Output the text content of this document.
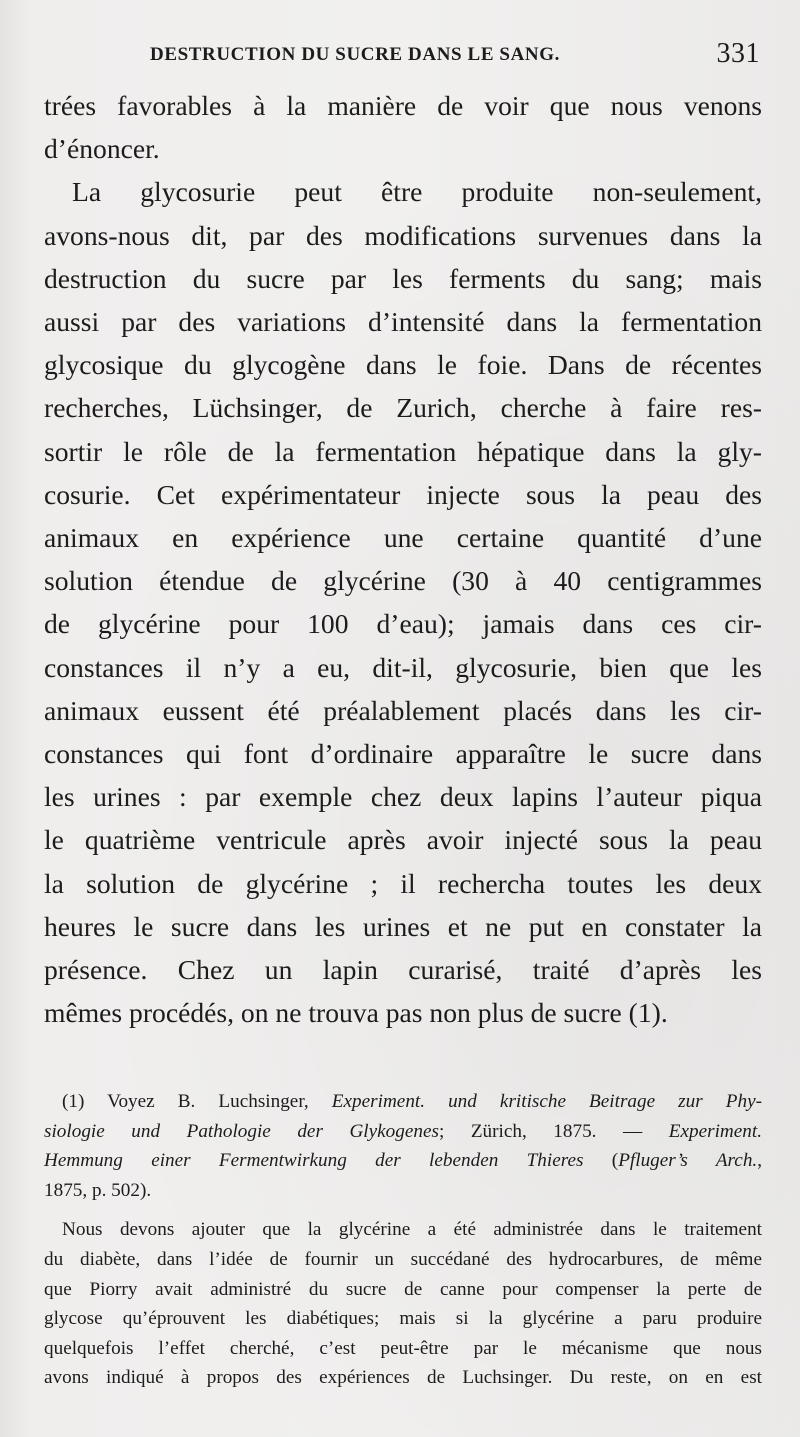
DESTRUCTION DU SUCRE DANS LE SANG.	331
trées favorables à la manière de voir que nous venons
d’énoncer.
La glycosurie peut être produite non-seulement,
avons-nous dit, par des modifications survenues dans la
destruction du sucre par les ferments du sang; mais
aussi par des variations d’intensité dans la fermentation
glycosique du glycogène dans le foie. Dans de récentes
recherches, Lüchsinger, de Zurich, cherche à faire res-
sortir le rôle de la fermentation hépatique dans la gly-
cosurie. Cet expérimentateur injecte sous la peau des
animaux en expérience une certaine quantité d’une
solution étendue de glycérine (30 à 40 centigrammes
de glycérine pour 100 d’eau); jamais dans ces cir-
constances il n’y a eu, dit-il, glycosurie, bien que les
animaux eussent été préalablement placés dans les cir-
constances qui font d’ordinaire apparaître le sucre dans
les urines : par exemple chez deux lapins l’auteur piqua
le quatrième ventricule après avoir injecté sous la peau
la solution de glycérine ; il rechercha toutes les deux
heures le sucre dans les urines et ne put en constater la
présence. Chez un lapin curarisé, traité d’après les
mêmes procédés, on ne trouva pas non plus de sucre (1).
(1) Voyez B. Luchsinger, Experiment. und kritische Beitrage zur Phy-
siologie und Pathologie der Glykogenes; Zürich, 1875. — Experiment.
Hemmung einer Fermentwirkung der lebenden Thieres (Pfluger’s Arch.,
1875, p. 502).
Nous devons ajouter que la glycérine a été administrée dans le traitement
du diabète, dans l’idée de fournir un succédané des hydrocarbures, de même
que Piorry avait administré du sucre de canne pour compenser la perte de
glycose qu’éprouvent les diabétiques; mais si la glycérine a paru produire
quelquefois l’effet cherché, c’est peut-être par le mécanisme que nous
avons indiqué à propos des expériences de Luchsinger. Du reste, on en est
